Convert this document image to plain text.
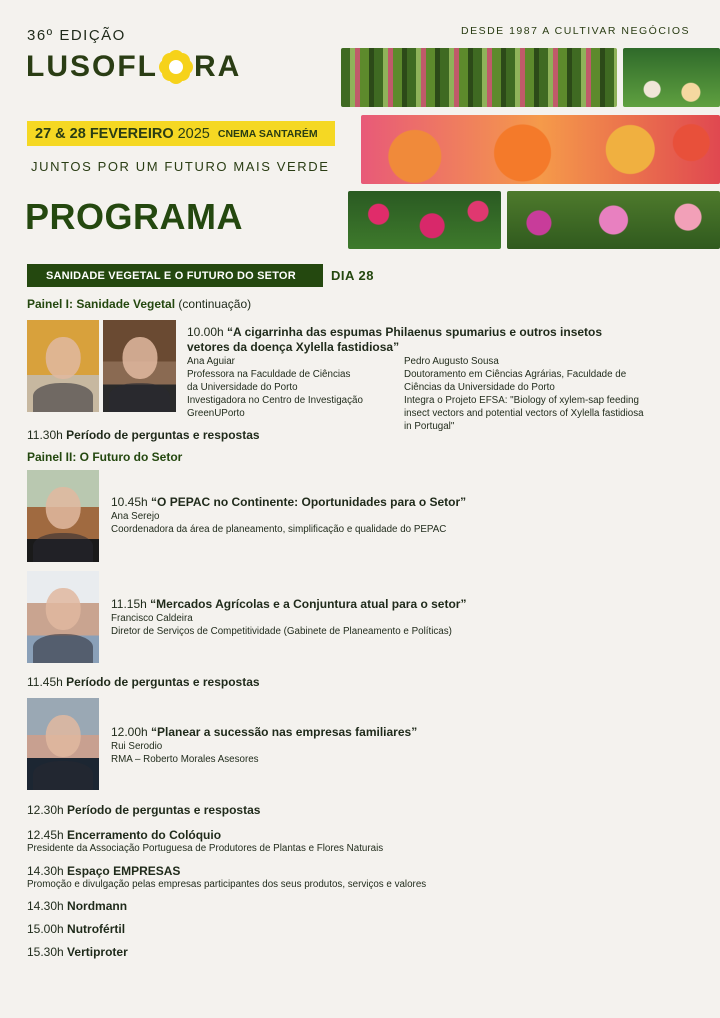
36º EDIÇÃO
LUSOFL RA
DESDE 1987 A CULTIVAR NEGÓCIOS
27 & 28 FEVEREIRO 2025 CNEMA SANTARÉM
JUNTOS POR UM FUTURO MAIS VERDE
PROGRAMA
SANIDADE VEGETAL E O FUTURO DO SETOR	DIA 28
Painel I: Sanidade Vegetal (continuação)
10.00h “A cigarrinha das espumas Philaenus spumarius e outros insetos
vetores da doença Xylella fastidiosa”
Ana Aguiar
Professora na Faculdade de Ciências
da Universidade do Porto
Investigadora no Centro de Investigação
GreenUPorto
Pedro Augusto Sousa
Doutoramento em Ciências Agrárias, Faculdade de
Ciências da Universidade do Porto
Integra o Projeto EFSA: "Biology of xylem-sap feeding
insect vectors and potential vectors of Xylella fastidiosa
in Portugal"
11.30h Período de perguntas e respostas
Painel II: O Futuro do Setor
10.45h “O PEPAC no Continente: Oportunidades para o Setor”
Ana Serejo
Coordenadora da área de planeamento, simplificação e qualidade do PEPAC
11.15h “Mercados Agrícolas e a Conjuntura atual para o setor”
Francisco Caldeira
Diretor de Serviços de Competitividade (Gabinete de Planeamento e Políticas)
11.45h Período de perguntas e respostas
12.00h “Planear a sucessão nas empresas familiares”
Rui Serodio
RMA – Roberto Morales Asesores
12.30h Período de perguntas e respostas
12.45h Encerramento do Colóquio
Presidente da Associação Portuguesa de Produtores de Plantas e Flores Naturais
14.30h Espaço EMPRESAS
Promoção e divulgação pelas empresas participantes dos seus produtos, serviços e valores
14.30h Nordmann
15.00h Nutrofértil
15.30h Vertiproter
